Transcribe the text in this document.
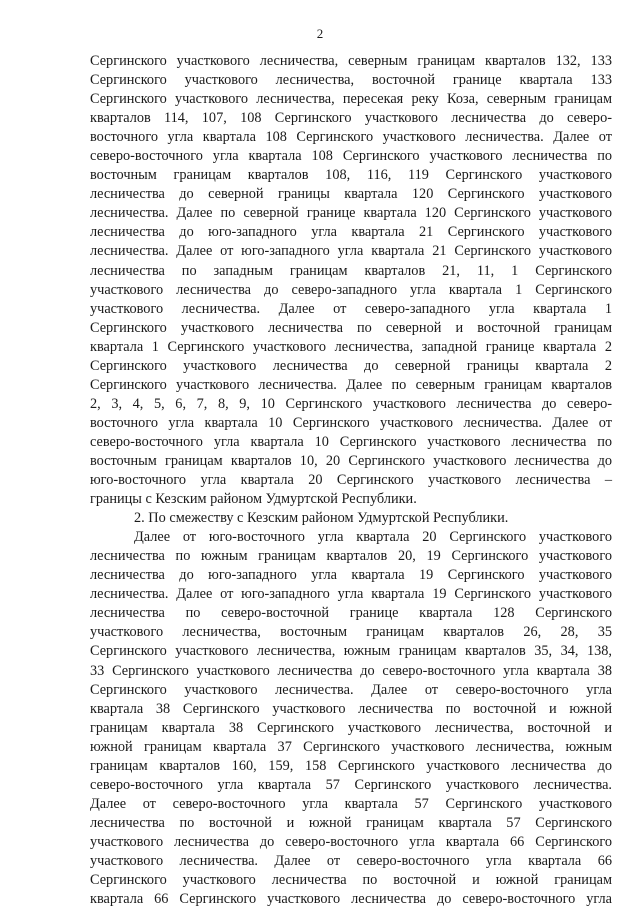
2

Сергинского участкового лесничества, северным границам кварталов 132, 133
Сергинского участкового лесничества, восточной границе квартала 133
Сергинского участкового лесничества, пересекая реку Коза, северным границам
кварталов 114, 107, 108 Сергинского участкового лесничества до северо-
восточного угла квартала 108 Сергинского участкового лесничества. Далее от
северо-восточного угла квартала 108 Сергинского участкового лесничества по
восточным границам кварталов 108, 116, 119 Сергинского участкового
лесничества до северной границы квартала 120 Сергинского участкового
лесничества. Далее по северной границе квартала 120 Сергинского участкового
лесничества до юго-западного угла квартала 21 Сергинского участкового
лесничества. Далее от юго-западного угла квартала 21 Сергинского участкового
лесничества по западным границам кварталов 21, 11, 1 Сергинского
участкового лесничества до северо-западного угла квартала 1 Сергинского
участкового лесничества. Далее от северо-западного угла квартала 1
Сергинского участкового лесничества по северной и восточной границам
квартала 1 Сергинского участкового лесничества, западной границе квартала 2
Сергинского участкового лесничества до северной границы квартала 2
Сергинского участкового лесничества. Далее по северным границам кварталов
2, 3, 4, 5, 6, 7, 8, 9, 10 Сергинского участкового лесничества до северо-
восточного угла квартала 10 Сергинского участкового лесничества. Далее от
северо-восточного угла квартала 10 Сергинского участкового лесничества по
восточным границам кварталов 10, 20 Сергинского участкового лесничества до
юго-восточного угла квартала 20 Сергинского участкового лесничества –
границы с Кезским районом Удмуртской Республики.

2. По смежеству с Кезским районом Удмуртской Республики.

Далее от юго-восточного угла квартала 20 Сергинского участкового
лесничества по южным границам кварталов 20, 19 Сергинского участкового
лесничества до юго-западного угла квартала 19 Сергинского участкового
лесничества. Далее от юго-западного угла квартала 19 Сергинского участкового
лесничества по северо-восточной границе квартала 128 Сергинского
участкового лесничества, восточным границам кварталов 26, 28, 35
Сергинского участкового лесничества, южным границам кварталов 35, 34, 138,
33 Сергинского участкового лесничества до северо-восточного угла квартала 38
Сергинского участкового лесничества. Далее от северо-восточного угла
квартала 38 Сергинского участкового лесничества по восточной и южной
границам квартала 38 Сергинского участкового лесничества, восточной и
южной границам квартала 37 Сергинского участкового лесничества, южным
границам кварталов 160, 159, 158 Сергинского участкового лесничества до
северо-восточного угла квартала 57 Сергинского участкового лесничества.
Далее от северо-восточного угла квартала 57 Сергинского участкового
лесничества по восточной и южной границам квартала 57 Сергинского
участкового лесничества до северо-восточного угла квартала 66 Сергинского
участкового лесничества. Далее от северо-восточного угла квартала 66
Сергинского участкового лесничества по восточной и южной границам
квартала 66 Сергинского участкового лесничества до северо-восточного угла
